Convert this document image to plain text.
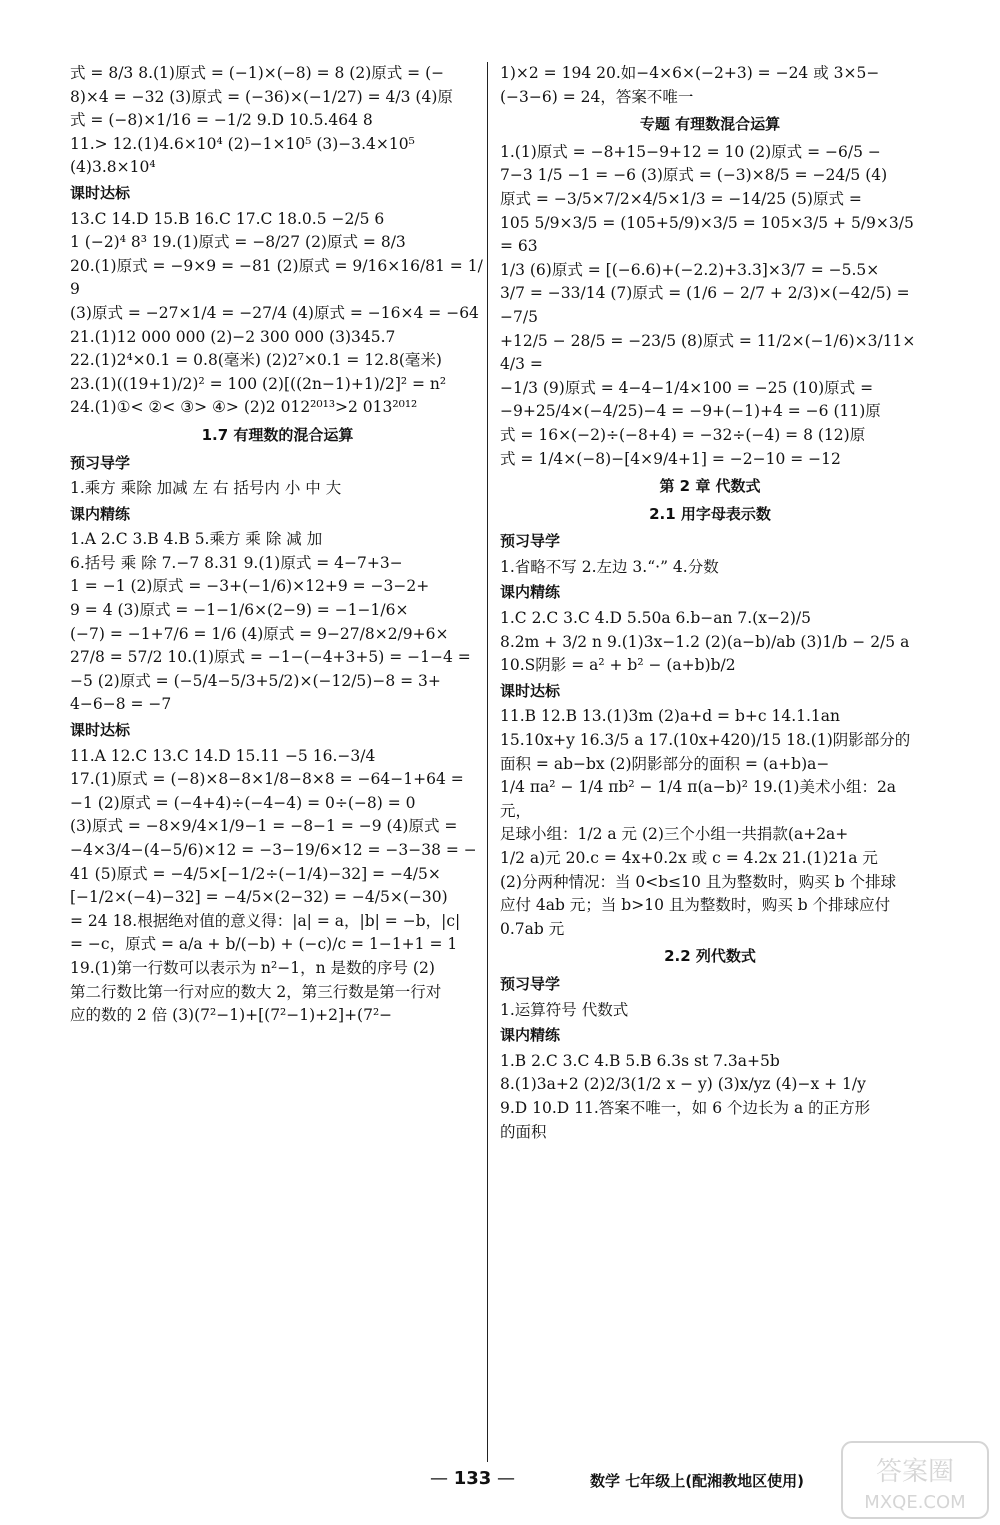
式 = 8/3 8.(1)原式 = (−1)×(−8) = 8 (2)原式 = (−
8)×4 = −32 (3)原式 = (−36)×(−1/27) = 4/3 (4)原
式 = (−8)×1/16 = −1/2 9.D 10.5.464 8
11.> 12.(1)4.6×10⁴ (2)−1×10⁵ (3)−3.4×10⁵
(4)3.8×10⁴
课时达标
13.C 14.D 15.B 16.C 17.C 18.0.5 −2/5 6
1 (−2)⁴ 8³ 19.(1)原式 = −8/27 (2)原式 = 8/3
20.(1)原式 = −9×9 = −81 (2)原式 = 9/16×16/81 = 1/9
(3)原式 = −27×1/4 = −27/4 (4)原式 = −16×4 = −64
21.(1)12 000 000 (2)−2 300 000 (3)345.7
22.(1)2⁴×0.1 = 0.8(毫米) (2)2⁷×0.1 = 12.8(毫米)
23.(1)((19+1)/2)² = 100 (2)[((2n−1)+1)/2]² = n²
24.(1)①< ②< ③> ④> (2)2 012²⁰¹³>2 013²⁰¹²
1.7 有理数的混合运算
预习导学
1.乘方 乘除 加减 左 右 括号内 小 中 大
课内精练
1.A 2.C 3.B 4.B 5.乘方 乘 除 减 加
6.括号 乘 除 7.−7 8.31 9.(1)原式 = 4−7+3−
1 = −1 (2)原式 = −3+(−1/6)×12+9 = −3−2+
9 = 4 (3)原式 = −1−1/6×(2−9) = −1−1/6×
(−7) = −1+7/6 = 1/6 (4)原式 = 9−27/8×2/9+6×
27/8 = 57/2 10.(1)原式 = −1−(−4+3+5) = −1−4 =
−5 (2)原式 = (−5/4−5/3+5/2)×(−12/5)−8 = 3+
4−6−8 = −7
课时达标
11.A 12.C 13.C 14.D 15.11 −5 16.−3/4
17.(1)原式 = (−8)×8−8×1/8−8×8 = −64−1+64 =
−1 (2)原式 = (−4+4)÷(−4−4) = 0÷(−8) = 0
(3)原式 = −8×9/4×1/9−1 = −8−1 = −9 (4)原式 =
−4×3/4−(4−5/6)×12 = −3−19/6×12 = −3−38 = −
41 (5)原式 = −4/5×[−1/2÷(−1/4)−32] = −4/5×
[−1/2×(−4)−32] = −4/5×(2−32) = −4/5×(−30)
= 24 18.根据绝对值的意义得：|a| = a，|b| = −b，|c|
= −c，原式 = a/a + b/(−b) + (−c)/c = 1−1+1 = 1
19.(1)第一行数可以表示为 n²−1，n 是数的序号 (2)
第二行数比第一行对应的数大 2，第三行数是第一行对
应的数的 2 倍 (3)(7²−1)+[(7²−1)+2]+(7²−
1)×2 = 194 20.如−4×6×(−2+3) = −24 或 3×5−
(−3−6) = 24，答案不唯一
专题 有理数混合运算
1.(1)原式 = −8+15−9+12 = 10 (2)原式 = −6/5 −
7−3 1/5 −1 = −6 (3)原式 = (−3)×8/5 = −24/5 (4)
原式 = −3/5×7/2×4/5×1/3 = −14/25 (5)原式 =
105 5/9×3/5 = (105+5/9)×3/5 = 105×3/5 + 5/9×3/5 = 63
1/3 (6)原式 = [(−6.6)+(−2.2)+3.3]×3/7 = −5.5×
3/7 = −33/14 (7)原式 = (1/6 − 2/7 + 2/3)×(−42/5) = −7/5
+12/5 − 28/5 = −23/5 (8)原式 = 11/2×(−1/6)×3/11×4/3 =
−1/3 (9)原式 = 4−4−1/4×100 = −25 (10)原式 =
−9+25/4×(−4/25)−4 = −9+(−1)+4 = −6 (11)原
式 = 16×(−2)÷(−8+4) = −32÷(−4) = 8 (12)原
式 = 1/4×(−8)−[4×9/4+1] = −2−10 = −12
第 2 章 代数式
2.1 用字母表示数
预习导学
1.省略不写 2.左边 3.“·” 4.分数
课内精练
1.C 2.C 3.C 4.D 5.50a 6.b−an 7.(x−2)/5
8.2m + 3/2 n 9.(1)3x−1.2 (2)(a−b)/ab (3)1/b − 2/5 a
10.S阴影 = a² + b² − (a+b)b/2
课时达标
11.B 12.B 13.(1)3m (2)a+d = b+c 14.1.1an
15.10x+y 16.3/5 a 17.(10x+420)/15 18.(1)阴影部分的
面积 = ab−bx (2)阴影部分的面积 = (a+b)a−
1/4 πa² − 1/4 πb² − 1/4 π(a−b)² 19.(1)美术小组：2a 元，
足球小组：1/2 a 元 (2)三个小组一共捐款(a+2a+
1/2 a)元 20.c = 4x+0.2x 或 c = 4.2x 21.(1)21a 元
(2)分两种情况：当 0<b≤10 且为整数时，购买 b 个排球
应付 4ab 元；当 b>10 且为整数时，购买 b 个排球应付
0.7ab 元
2.2 列代数式
预习导学
1.运算符号 代数式
课内精练
1.B 2.C 3.C 4.B 5.B 6.3s st 7.3a+5b
8.(1)3a+2 (2)2/3(1/2 x − y) (3)x/yz (4)−x + 1/y
9.D 10.D 11.答案不唯一，如 6 个边长为 a 的正方形
的面积
— 133 —	数学 七年级上(配湘教地区使用)	答案圈
MXQE.COM
